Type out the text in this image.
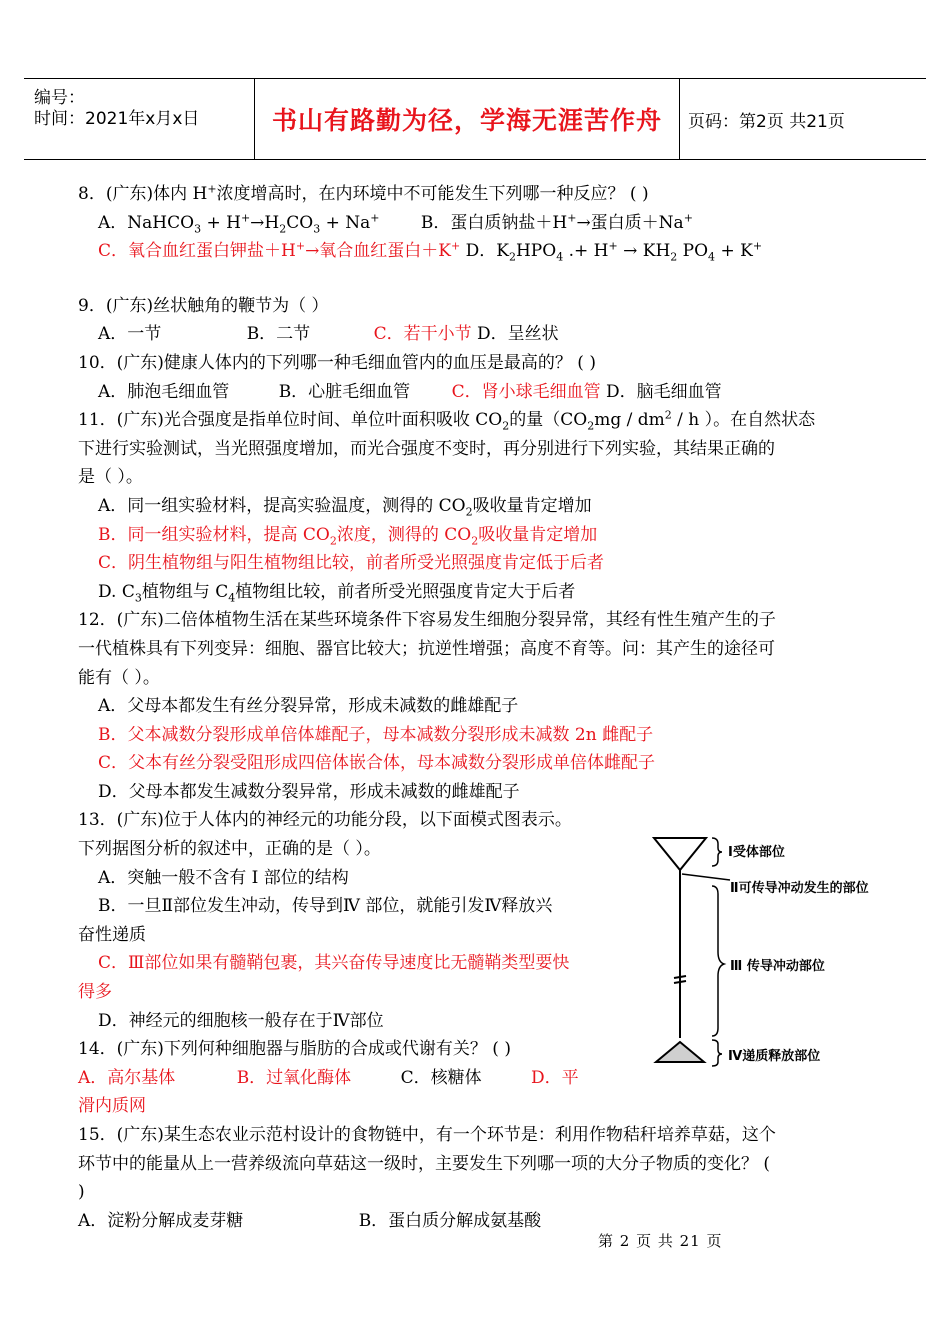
编号：
时间：2021年x月x日	书山有路勤为径，学海无涯苦作舟	页码：第2页 共21页
8．(广东)体内 H+浓度增高时，在内环境中不可能发生下列哪一种反应？ ( )
A．NaHCO$_3$ + $H^+\to H_2CO_3 + Na^+$ B．蛋白质钠盐＋H+→蛋白质＋Na+
C．氧合血红蛋白钾盐＋H+→氧合血红蛋白＋K+ D．$K_2HPO_4$ .+ $H^+ \to KH_2$ $PO_4 + K^+$
9．(广东)丝状触角的鞭节为（ ）
A．一节	B．二节	C．若干小节 D．呈丝状
10．(广东)健康人体内的下列哪一种毛细血管内的血压是最高的？ ( )
A．肺泡毛细血管	B．心脏毛细血管 C．肾小球毛细血管 D．脑毛细血管
11．(广东)光合强度是指单位时间、单位叶面积吸收 $CO_2$的量（$CO_2mg / dm^2$ / h ）。在自然状态
下进行实验测试，当光照强度增加，而光合强度不变时，再分别进行下列实验，其结果正确的
是（ ）。
A．同一组实验材料，提高实验温度，测得的 $CO_2$吸收量肯定增加
B．同一组实验材料，提高 $CO_2$浓度，测得的 $CO_2$吸收量肯定增加
C．阴生植物组与阳生植物组比较，前者所受光照强度肯定低于后者
D. $C_3$植物组与 $C_4$植物组比较，前者所受光照强度肯定大于后者
12．(广东)二倍体植物生活在某些环境条件下容易发生细胞分裂异常，其经有性生殖产生的子
一代植株具有下列变异：细胞、器官比较大；抗逆性增强；高度不育等。问：其产生的途径可
能有（ ）。
A．父母本都发生有丝分裂异常，形成未减数的雌雄配子
B．父本减数分裂形成单倍体雄配子，母本减数分裂形成未减数 2n 雌配子
C．父本有丝分裂受阻形成四倍体嵌合体，母本减数分裂形成单倍体雌配子
D．父母本都发生减数分裂异常，形成未减数的雌雄配子
13．(广东)位于人体内的神经元的功能分段，以下面模式图表示。
下列据图分析的叙述中，正确的是（ ）。
A．突触一般不含有 I 部位的结构
B．一旦Ⅱ部位发生冲动，传导到Ⅳ 部位，就能引发Ⅳ释放兴
奋性递质
C．Ⅲ部位如果有髓鞘包裹，其兴奋传导速度比无髓鞘类型要快
得多
D．神经元的细胞核一般存在于Ⅳ部位
14．(广东)下列何种细胞器与脂肪的合成或代谢有关？ ( )
A．高尔基体	B．过氧化酶体	C．核糖体	D．平
滑内质网
15．(广东)某生态农业示范村设计的食物链中，有一个环节是：利用作物秸秆培养草菇，这个
环节中的能量从上一营养级流向草菇这一级时，主要发生下列哪一项的大分子物质的变化？ (
)
A．淀粉分解成麦芽糖	B．蛋白质分解成氨基酸
Ⅰ受体部位
Ⅱ可传导冲动发生的部位
Ⅲ 传导冲动部位
Ⅳ递质释放部位
第 2 页 共 21 页
